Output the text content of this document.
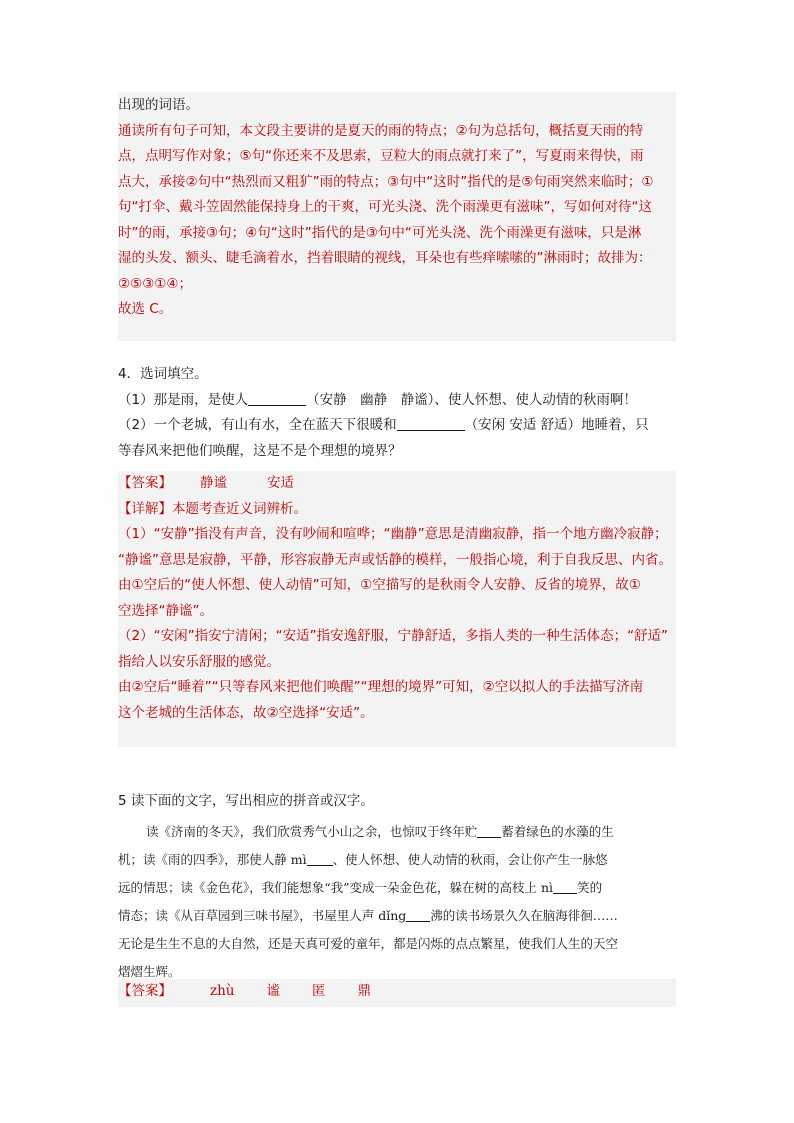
出现的词语。
通读所有句子可知，本文段主要讲的是夏天的雨的特点；②句为总括句，概括夏天雨的特
点，点明写作对象；⑤句“你还来不及思索，豆粒大的雨点就打来了”，写夏雨来得快，雨
点大，承接②句中“热烈而又粗犷”雨的特点；③句中“这时”指代的是⑤句雨突然来临时；①
句“打伞、戴斗笠固然能保持身上的干爽，可光头浇、洗个雨澡更有滋味”，写如何对待“这
时”的雨，承接③句；④句“这时”指代的是③句中“可光头浇、洗个雨澡更有滋味，只是淋
湿的头发、额头、睫毛滴着水，挡着眼睛的视线，耳朵也有些痒嗦嗦的”淋雨时；故排为：
②⑤③①④；
故选 C。
4．选词填空。
（1）那是雨，是使人	（安静　幽静　静谧）、使人怀想、使人动情的秋雨啊！
（2）一个老城，有山有水，全在蓝天下很暖和	（安闲 安适 舒适）地睡着，只
等春风来把他们唤醒，这是不是个理想的境界？
【答案】 静谧	安适
【详解】本题考查近义词辨析。
（1）“安静”指没有声音，没有吵闹和喧哗；“幽静”意思是清幽寂静，指一个地方幽冷寂静；
“静谧”意思是寂静，平静，形容寂静无声或恬静的模样，一般指心境，利于自我反思、内省。
由①空后的“使人怀想、使人动情”可知，①空描写的是秋雨令人安静、反省的境界，故①
空选择“静谧”。
（2）“安闲”指安宁清闲；“安适”指安逸舒服，宁静舒适，多指人类的一种生活体态；“舒适”
指给人以安乐舒服的感觉。
由②空后“睡着”“只等春风来把他们唤醒”“理想的境界”可知，②空以拟人的手法描写济南
这个老城的生活体态，故②空选择“安适”。
5 读下面的文字，写出相应的拼音或汉字。
读《济南的冬天》，我们欣赏秀气小山之余，也惊叹于终年贮 蓄着绿色的水藻的生
机；读《雨的四季》，那使人静 mì 、使人怀想、使人动情的秋雨，会让你产生一脉悠
远的情思；读《金色花》，我们能想象“我”变成一朵金色花，躲在树的高枝上 nì 笑的
情态；读《从百草园到三味书屋》，书屋里人声 dǐng 沸的读书场景久久在脑海徘徊……
无论是生生不息的大自然，还是天真可爱的童年，都是闪烁的点点繁星，使我们人生的天空
熠熠生辉。
【答案】	zhù 谧 匿 鼎
